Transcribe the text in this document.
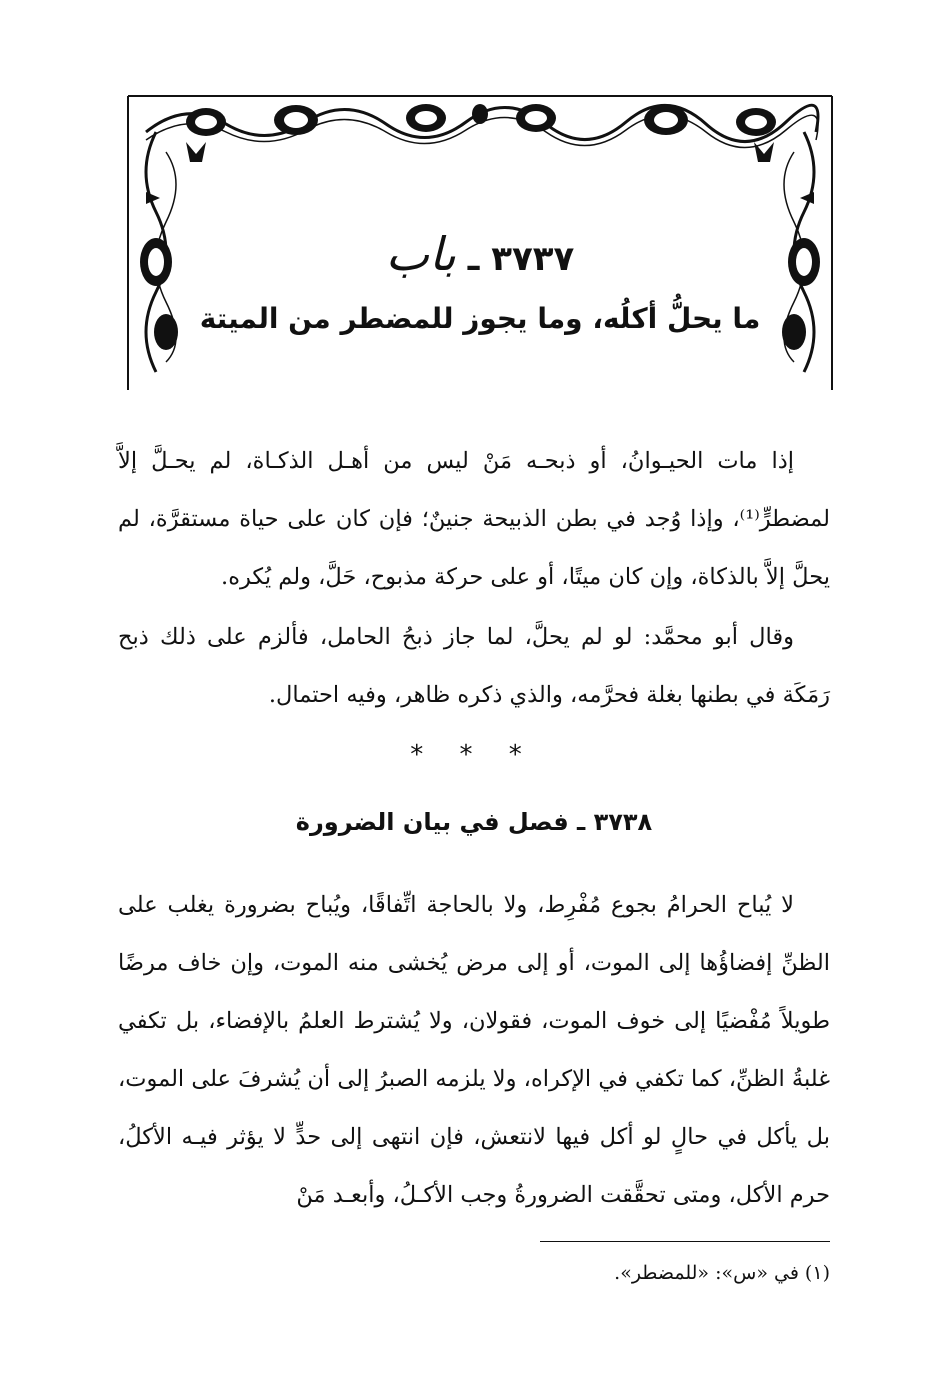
٣٧٣٧ ـ باب
ما يحلُّ أكلُه، وما يجوز للمضطر من الميتة
إذا مات الحيـوانُ، أو ذبحـه مَنْ ليس من أهـل الذكـاة، لم يحـلَّ إلاَّ لمضطرٍّ⁽¹⁾، وإذا وُجد في بطن الذبيحة جنينٌ؛ فإن كان على حياة مستقرَّة، لم يحلَّ إلاَّ بالذكاة، وإن كان ميتًا، أو على حركة مذبوح، حَلَّ، ولم يُكره.
وقال أبو محمَّد: لو لم يحلَّ، لما جاز ذبحُ الحامل، فألزم على ذلك ذبح رَمَكَة في بطنها بغلة فحرَّمه، والذي ذكره ظاهر، وفيه احتمال.
* * *
٣٧٣٨ ـ فصل في بيان الضرورة
لا يُباح الحرامُ بجوع مُفْرِط، ولا بالحاجة اتِّفاقًا، ويُباح بضرورة يغلب على الظنِّ إفضاؤُها إلى الموت، أو إلى مرض يُخشى منه الموت، وإن خاف مرضًا طويلاً مُفْضيًا إلى خوف الموت، فقولان، ولا يُشترط العلمُ بالإفضاء، بل تكفي غلبةُ الظنِّ، كما تكفي في الإكراه، ولا يلزمه الصبرُ إلى أن يُشرفَ على الموت، بل يأكل في حالٍ لو أكل فيها لانتعش، فإن انتهى إلى حدٍّ لا يؤثر فيـه الأكلُ، حرم الأكل، ومتى تحقَّقت الضرورةُ وجب الأكـلُ، وأبعـد مَنْ
(١) في «س»: «للمضطر».
